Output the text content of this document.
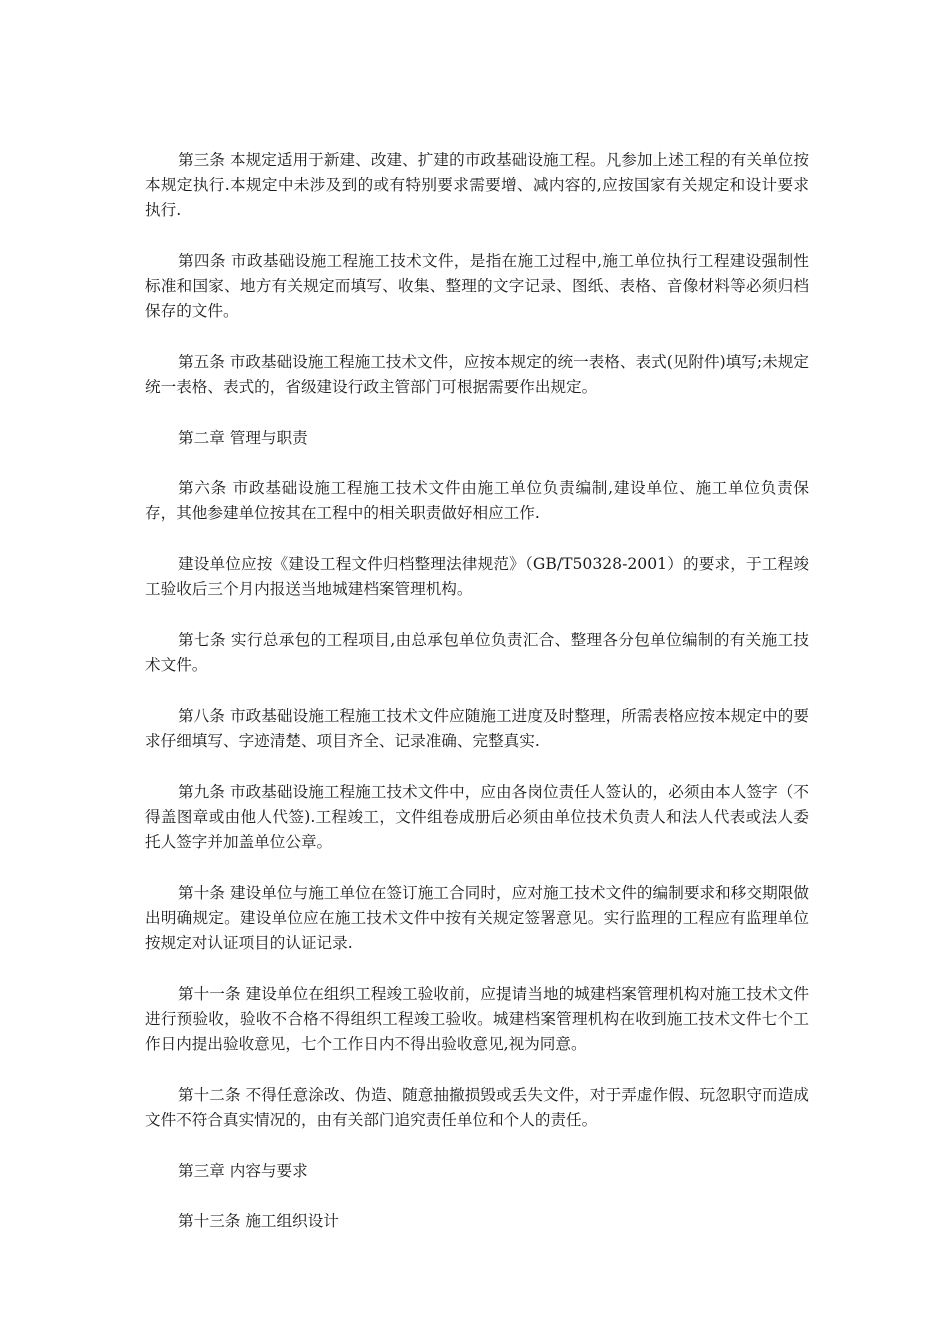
第三条 本规定适用于新建、改建、扩建的市政基础设施工程。凡参加上述工程的有关单位按本规定执行.本规定中未涉及到的或有特别要求需要增、减内容的,应按国家有关规定和设计要求执行.

第四条 市政基础设施工程施工技术文件，是指在施工过程中,施工单位执行工程建设强制性标准和国家、地方有关规定而填写、收集、整理的文字记录、图纸、表格、音像材料等必须归档保存的文件。

第五条 市政基础设施工程施工技术文件，应按本规定的统一表格、表式(见附件)填写;未规定统一表格、表式的，省级建设行政主管部门可根据需要作出规定。

第二章 管理与职责

第六条 市政基础设施工程施工技术文件由施工单位负责编制,建设单位、施工单位负责保存，其他参建单位按其在工程中的相关职责做好相应工作.

建设单位应按《建设工程文件归档整理法律规范》（GB/T50328-2001）的要求，于工程竣工验收后三个月内报送当地城建档案管理机构。

第七条 实行总承包的工程项目,由总承包单位负责汇合、整理各分包单位编制的有关施工技术文件。

第八条 市政基础设施工程施工技术文件应随施工进度及时整理，所需表格应按本规定中的要求仔细填写、字迹清楚、项目齐全、记录准确、完整真实.

第九条 市政基础设施工程施工技术文件中，应由各岗位责任人签认的，必须由本人签字（不得盖图章或由他人代签).工程竣工，文件组卷成册后必须由单位技术负责人和法人代表或法人委托人签字并加盖单位公章。

第十条 建设单位与施工单位在签订施工合同时，应对施工技术文件的编制要求和移交期限做出明确规定。建设单位应在施工技术文件中按有关规定签署意见。实行监理的工程应有监理单位按规定对认证项目的认证记录.

第十一条 建设单位在组织工程竣工验收前，应提请当地的城建档案管理机构对施工技术文件进行预验收，验收不合格不得组织工程竣工验收。城建档案管理机构在收到施工技术文件七个工作日内提出验收意见，七个工作日内不得出验收意见,视为同意。

第十二条 不得任意涂改、伪造、随意抽撤损毁或丢失文件，对于弄虚作假、玩忽职守而造成文件不符合真实情况的，由有关部门追究责任单位和个人的责任。

第三章 内容与要求

第十三条 施工组织设计
